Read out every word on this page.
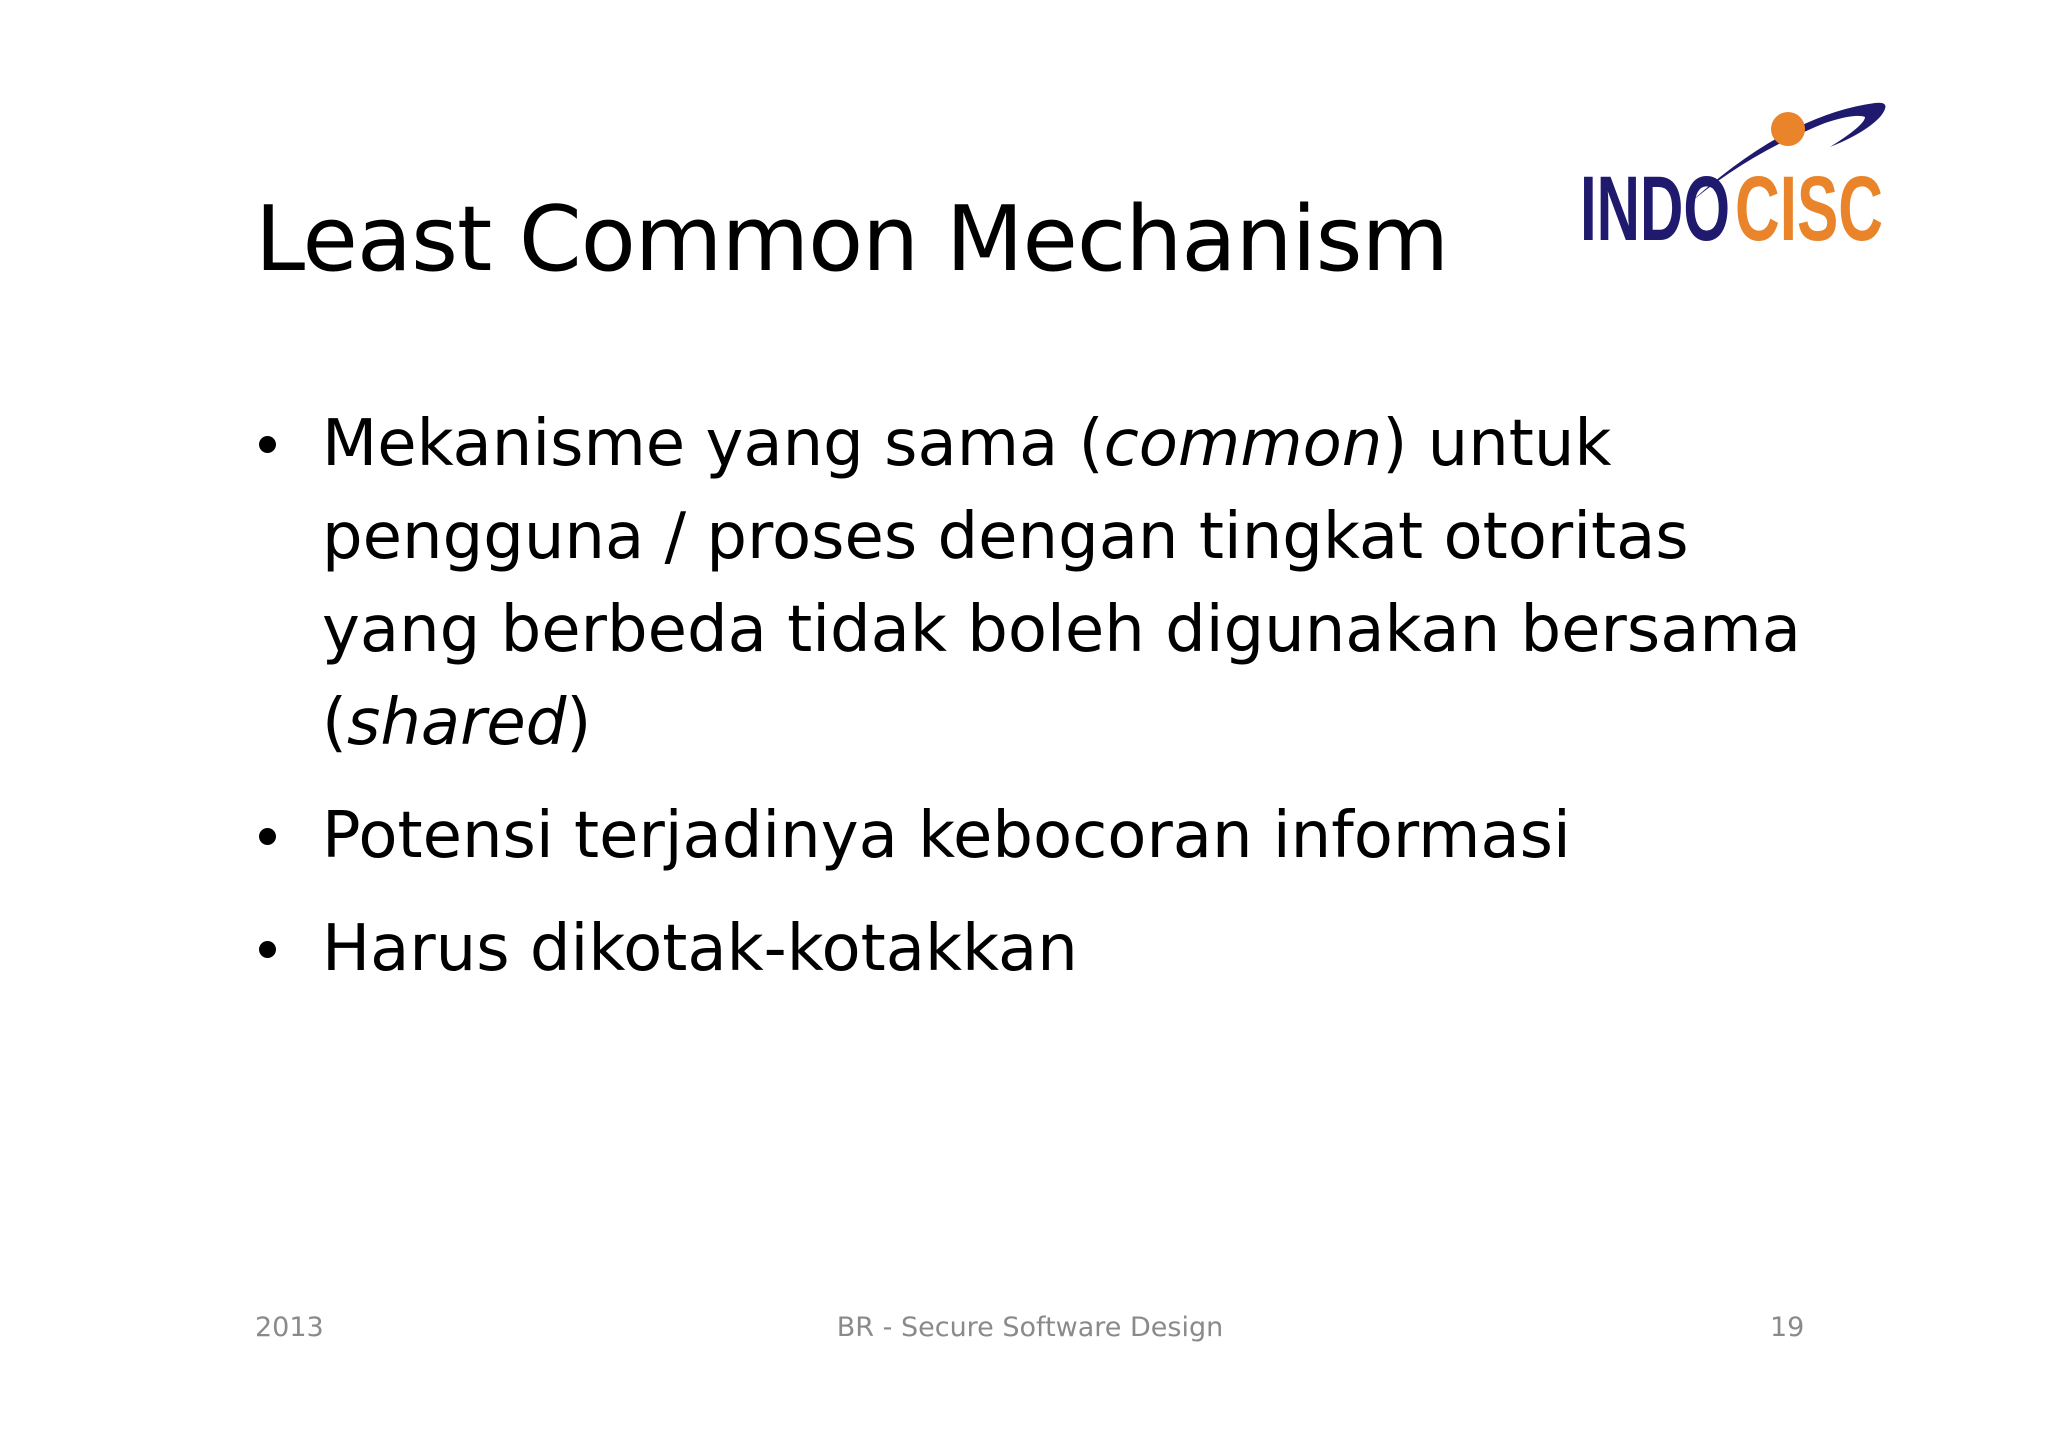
Least Common Mechanism INDO CISC
Mekanisme yang sama (common) untuk pengguna / proses dengan tingkat otoritas yang berbeda tidak boleh digunakan bersama (shared)
Potensi terjadinya kebocoran informasi
Harus dikotak-kotakkan
2013	BR - Secure Software Design	19
